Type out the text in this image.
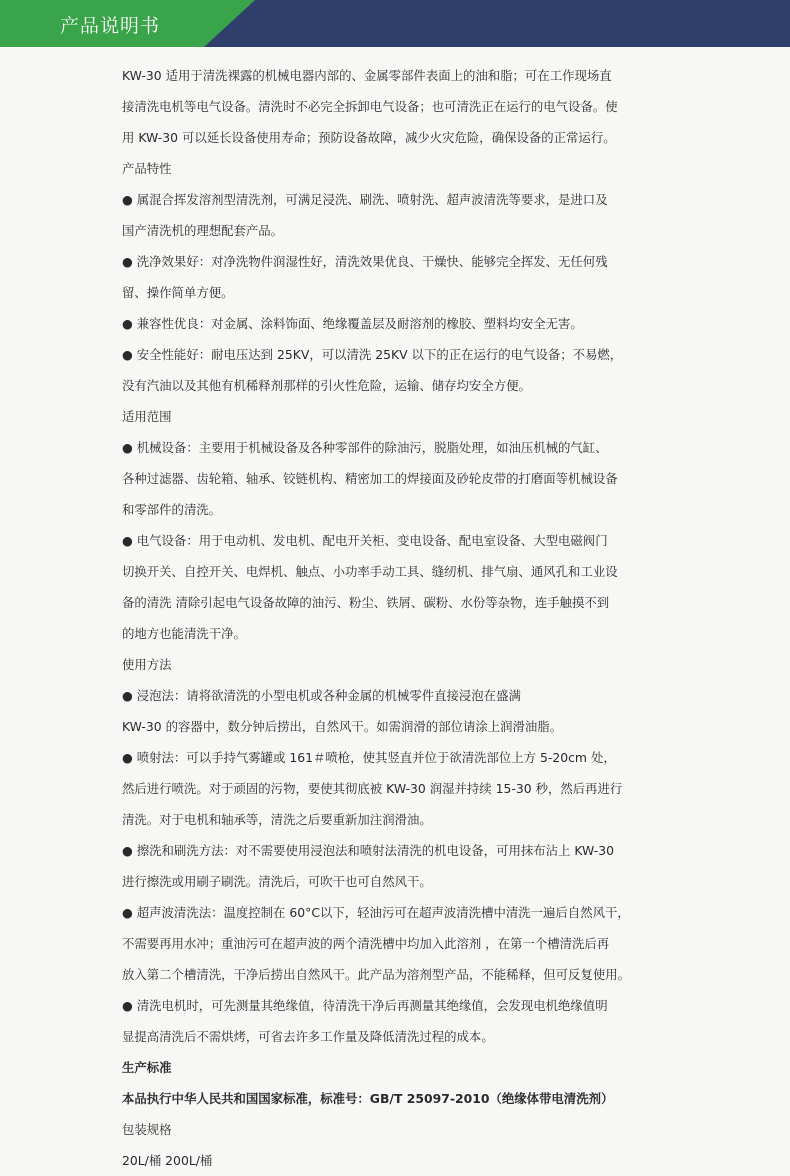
产品说明书
KW-30 适用于清洗裸露的机械电器内部的、金属零部件表面上的油和脂；可在工作现场直
接清洗电机等电气设备。清洗时不必完全拆卸电气设备；也可清洗正在运行的电气设备。使
用 KW-30 可以延长设备使用寿命；预防设备故障，减少火灾危险，确保设备的正常运行。
产品特性
● 属混合挥发溶剂型清洗剂，可满足浸洗、刷洗、喷射洗、超声波清洗等要求，是进口及
国产清洗机的理想配套产品。
● 洗净效果好：对净洗物件润湿性好，清洗效果优良、干燥快、能够完全挥发、无任何残
留、操作简单方便。
● 兼容性优良：对金属、涂料饰面、绝缘覆盖层及耐溶剂的橡胶、塑料均安全无害。
● 安全性能好：耐电压达到 25KV，可以清洗 25KV 以下的正在运行的电气设备；不易燃，
没有汽油以及其他有机稀释剂那样的引火性危险，运输、储存均安全方便。
适用范围
● 机械设备：主要用于机械设备及各种零部件的除油污，脱脂处理，如油压机械的气缸、
各种过滤器、齿轮箱、轴承、铰链机构、精密加工的焊接面及砂轮皮带的打磨面等机械设备
和零部件的清洗。
● 电气设备：用于电动机、发电机、配电开关柜、变电设备、配电室设备、大型电磁阀门
切换开关、自控开关、电焊机、触点、小功率手动工具、缝纫机、排气扇、通风孔和工业设
备的清洗 清除引起电气设备故障的油污、粉尘、铁屑、碳粉、水份等杂物，连手触摸不到
的地方也能清洗干净。
使用方法
● 浸泡法：请将欲清洗的小型电机或各种金属的机械零件直接浸泡在盛满
KW-30 的容器中，数分钟后捞出，自然风干。如需润滑的部位请涂上润滑油脂。
● 喷射法：可以手持气雾罐或 161＃喷枪，使其竖直并位于欲清洗部位上方 5-20cm 处，
然后进行喷洗。对于顽固的污物，要使其彻底被 KW-30 润湿并持续 15-30 秒，然后再进行
清洗。对于电机和轴承等，清洗之后要重新加注润滑油。
● 擦洗和刷洗方法：对不需要使用浸泡法和喷射法清洗的机电设备，可用抹布沾上 KW-30
进行擦洗或用刷子刷洗。清洗后，可吹干也可自然风干。
● 超声波清洗法：温度控制在 60°C以下，轻油污可在超声波清洗槽中清洗一遍后自然风干，
不需要再用水冲；重油污可在超声波的两个清洗槽中均加入此溶剂 ，在第一个槽清洗后再
放入第二个槽清洗，干净后捞出自然风干。此产品为溶剂型产品，不能稀释，但可反复使用。
● 清洗电机时，可先测量其绝缘值，待清洗干净后再测量其绝缘值，会发现电机绝缘值明
显提高清洗后不需烘烤，可省去许多工作量及降低清洗过程的成本。
生产标准
本品执行中华人民共和国国家标准，标准号：GB/T 25097-2010（绝缘体带电清洗剂）
包装规格
20L/桶 200L/桶
